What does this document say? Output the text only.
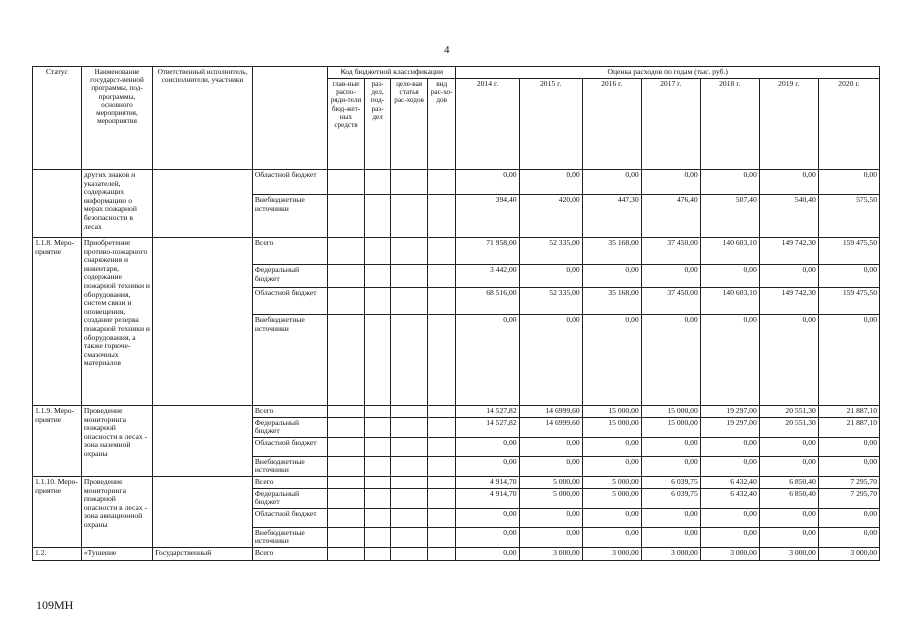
4
Статус	Наименование государст-венной программы, под-программы, основного мероприятия, мероприятия	Ответственный исполнитель, соисполнители, участники		Код бюджетной классификации				Оценка расходов по годам (тыс. руб.)						
				глав-ные распо-ряди-тели бюд-жет-ных средств	раз-дел, под-раз-дел	целе-вая статья рас-ходов	вид рас-хо-дов	2014 г.	2015 г.	2016 г.	2017 г.	2018 г.	2019 г.	2020 г.
	других знаков и указателей, содержащих информацию о мерах пожарной безопасности в лесах		Областной бюджет					0,00	0,00	0,00	0,00	0,00	0,00	0,00
			Внебюджетные источники					394,40	420,00	447,30	476,40	507,40	540,40	575,50
1.1.8. Меро-приятие	Приобретение противо-пожарного снаряжения и инвентаря, содержание пожарной техники и оборудования, систем связи и оповещения, создание резерва пожарной техники и оборудования, а также горюче-смазочных материалов		Всего					71 958,00	52 335,00	35 168,00	37 450,00	140 603,10	149 742,30	159 475,50
			Федеральный бюджет					3 442,00	0,00	0,00	0,00	0,00	0,00	0,00
			Областной бюджет					68 516,00	52 335,00	35 168,00	37 450,00	140 603,10	149 742,30	159 475,50
			Внебюджетные источники					0,00	0,00	0,00	0,00	0,00	0,00	0,00
1.1.9. Меро-приятие	Проведение мониторинга пожарной опасности в лесах - зона наземной охраны		Всего					14 527,82	14 6999,60	15 000,00	15 000,00	19 297,00	20 551,30	21 887,10
			Федеральный бюджет					14 527,82	14 6999,60	15 000,00	15 000,00	19 297,00	20 551,30	21 887,10
			Областной бюджет					0,00	0,00	0,00	0,00	0,00	0,00	0,00
			Внебюджетные источники					0,00	0,00	0,00	0,00	0,00	0,00	0,00
1.1.10. Меро-приятие	Проведение мониторинга пожарной опасности в лесах - зона авиационной охраны		Всего					4 914,70	5 000,00	5 000,00	6 039,75	6 432,40	6 850,40	7 295,70
			Федеральный бюджет					4 914,70	5 000,00	5 000,00	6 039,75	6 432,40	6 850,40	7 295,70
			Областной бюджет					0,00	0,00	0,00	0,00	0,00	0,00	0,00
			Внебюджетные источники					0,00	0,00	0,00	0,00	0,00	0,00	0,00
1.2.	«Тушение	Государственный	Всего					0,00	3 000,00	3 000,00	3 000,00	3 000,00	3 000,00	3 000,00
109МН
